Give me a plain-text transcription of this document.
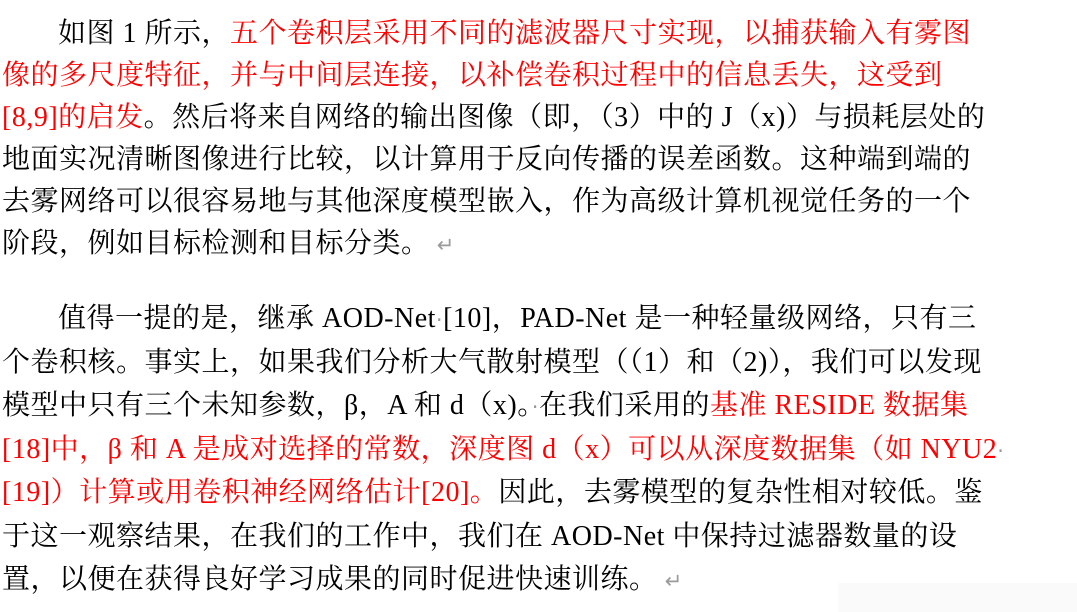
如图 1 所示，五个卷积层采用不同的滤波器尺寸实现，以捕获输入有雾图
像的多尺度特征，并与中间层连接，以补偿卷积过程中的信息丢失，这受到
[8,9]的启发。然后将来自网络的输出图像（即，（3）中的 J（x)）与损耗层处的
地面实况清晰图像进行比较，以计算用于反向传播的误差函数。这种端到端的
去雾网络可以很容易地与其他深度模型嵌入，作为高级计算机视觉任务的一个
阶段，例如目标检测和目标分类。 ↵
值得一提的是，继承 AOD-Net·[10]，PAD-Net 是一种轻量级网络，只有三
个卷积核。事实上，如果我们分析大气散射模型（（1）和（2)），我们可以发现
模型中只有三个未知参数，β，A 和 d（x)。·在我们采用的基准 RESIDE 数据集
[18]中，β 和 A 是成对选择的常数，深度图 d（x）可以从深度数据集（如 NYU2·
[19]）计算或用卷积神经网络估计[20]。因此，去雾模型的复杂性相对较低。鉴
于这一观察结果，在我们的工作中，我们在 AOD-Net 中保持过滤器数量的设
置，以便在获得良好学习成果的同时促进快速训练。 ↵
